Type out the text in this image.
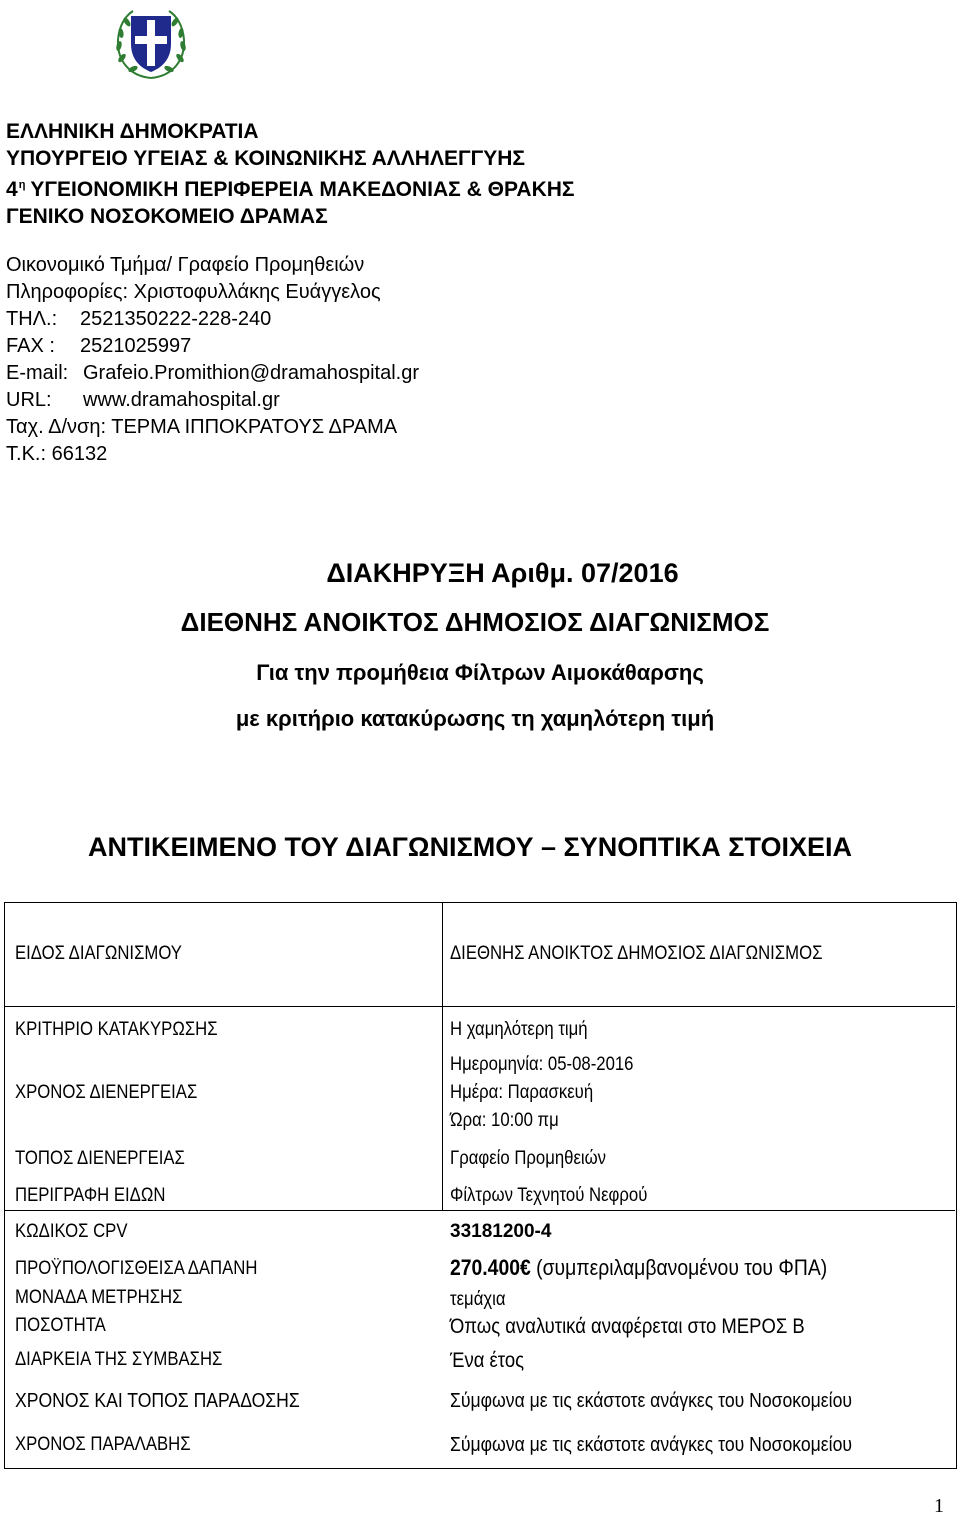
ΕΛΛΗΝΙΚΗ ΔΗΜΟΚΡΑΤΙΑ
ΥΠΟΥΡΓΕΙΟ ΥΓΕΙΑΣ & ΚΟΙΝΩΝΙΚΗΣ ΑΛΛΗΛΕΓΓΥΗΣ
$4^\eta$ ΥΓΕΙΟΝΟΜΙΚΗ ΠΕΡΙΦΕΡΕΙΑ ΜΑΚΕΔΟΝΙΑΣ & ΘΡΑΚΗΣ
ΓΕΝΙΚΟ ΝΟΣΟΚΟΜΕΙΟ ΔΡΑΜΑΣ
Οικονομικό Τμήμα/ Γραφείο Προμηθειών
Πληροφορίες: Χριστοφυλλάκης Ευάγγελος
ΤΗΛ.: 2521350222-228-240
FAX : 2521025997
E-mail: Grafeio.Promithion@dramahospital.gr
URL: www.dramahospital.gr
Ταχ. Δ/νση: ΤΕΡΜΑ ΙΠΠΟΚΡΑΤΟΥΣ ΔΡΑΜΑ
Τ.Κ.: 66132
ΔΙΑΚΗΡΥΞΗ Αριθμ. 07/2016
ΔΙΕΘΝΗΣ ΑΝΟΙΚΤΟΣ ΔΗΜΟΣΙΟΣ ΔΙΑΓΩΝΙΣΜΟΣ
Για την προμήθεια Φίλτρων Αιμοκάθαρσης
με κριτήριο κατακύρωσης τη χαμηλότερη τιμή
ΑΝΤΙΚΕΙΜΕΝΟ ΤΟΥ ΔΙΑΓΩΝΙΣΜΟΥ – ΣΥΝΟΠΤΙΚΑ ΣΤΟΙΧΕΙΑ
ΕΙΔΟΣ ΔΙΑΓΩΝΙΣΜΟΥ	ΔΙΕΘΝΗΣ ΑΝΟΙΚΤΟΣ ΔΗΜΟΣΙΟΣ ΔΙΑΓΩΝΙΣΜΟΣ
ΚΡΙΤΗΡΙΟ ΚΑΤΑΚΥΡΩΣΗΣ	Η χαμηλότερη τιμή
ΧΡΟΝΟΣ ΔΙΕΝΕΡΓΕΙΑΣ
Ημερομηνία: 05-08-2016
Ημέρα: Παρασκευή
Ώρα: 10:00 πμ
ΤΟΠΟΣ ΔΙΕΝΕΡΓΕΙΑΣ	Γραφείο Προμηθειών
ΠΕΡΙΓΡΑΦΗ ΕΙΔΩΝ	Φίλτρων Τεχνητού Νεφρού
ΚΩΔΙΚΟΣ CPV	33181200-4
ΠΡΟΫΠΟΛΟΓΙΣΘΕΙΣΑ ΔΑΠΑΝΗ	270.400€ (συμπεριλαμβανομένου του ΦΠΑ)
ΜΟΝΑΔΑ ΜΕΤΡΗΣΗΣ	τεμάχια
ΠΟΣΟΤΗΤΑ	Όπως αναλυτικά αναφέρεται στο ΜΕΡΟΣ Β
ΔΙΑΡΚΕΙΑ ΤΗΣ ΣΥΜΒΑΣΗΣ	Ένα έτος
ΧΡΟΝΟΣ ΚΑΙ ΤΟΠΟΣ ΠΑΡΑΔΟΣΗΣ	Σύμφωνα με τις εκάστοτε ανάγκες του Νοσοκομείου
ΧΡΟΝΟΣ ΠΑΡΑΛΑΒΗΣ	Σύμφωνα με τις εκάστοτε ανάγκες του Νοσοκομείου
1
